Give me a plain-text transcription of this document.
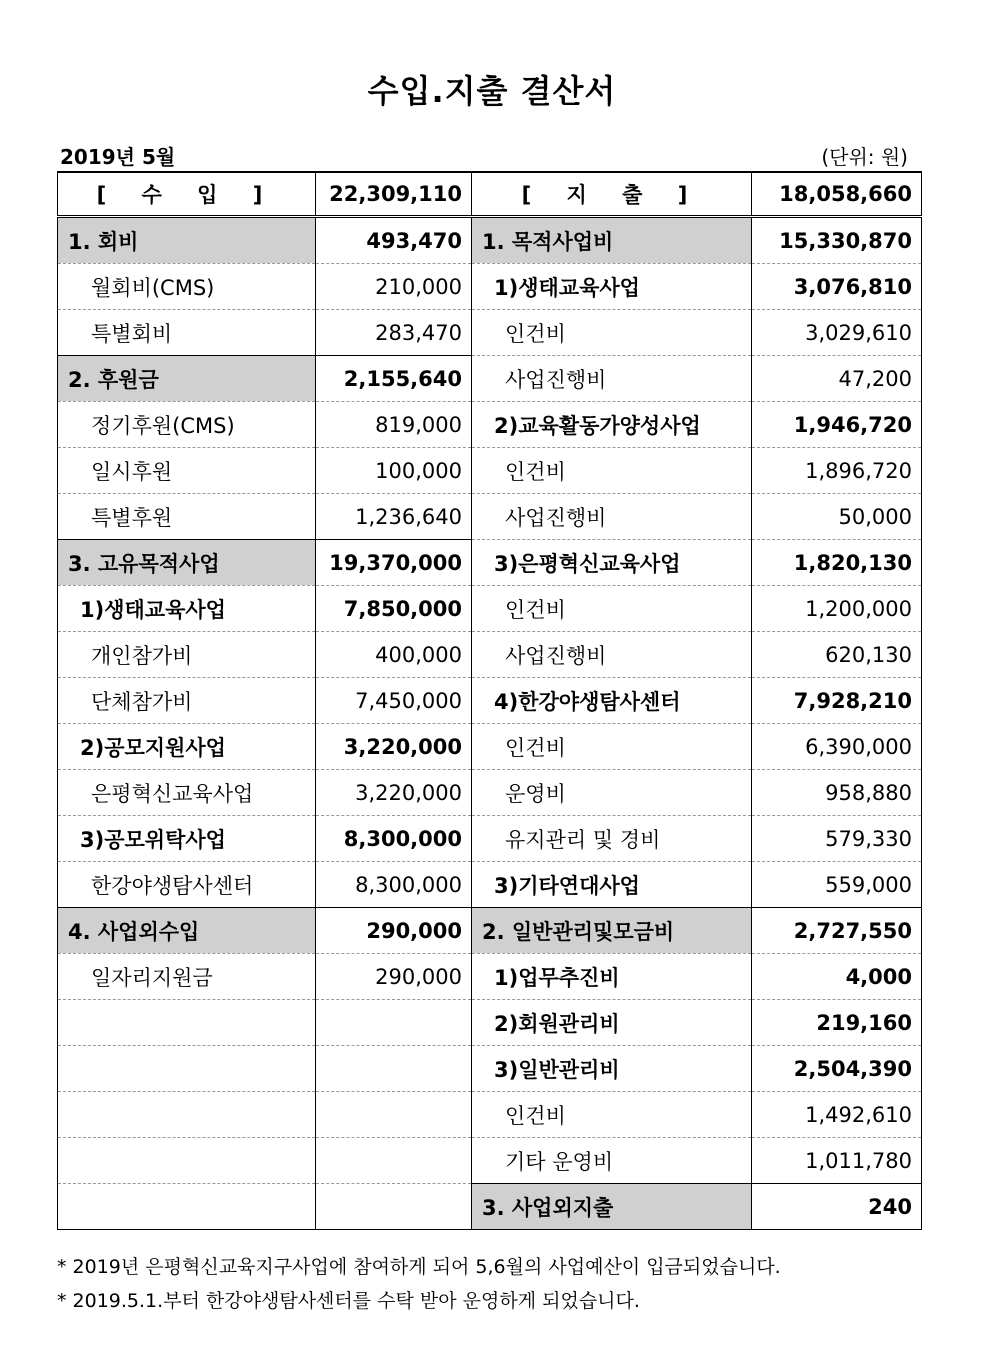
수입.지출 결산서
2019년 5월	(단위: 원)
[ 수 입 ]	22,309,110	[ 지 출 ]	18,058,660
1. 회비	493,470	1. 목적사업비	15,330,870
월회비(CMS)	210,000	1)생태교육사업	3,076,810
특별회비	283,470	인건비	3,029,610
2. 후원금	2,155,640	사업진행비	47,200
정기후원(CMS)	819,000	2)교육활동가양성사업	1,946,720
일시후원	100,000	인건비	1,896,720
특별후원	1,236,640	사업진행비	50,000
3. 고유목적사업	19,370,000	3)은평혁신교육사업	1,820,130
1)생태교육사업	7,850,000	인건비	1,200,000
개인참가비	400,000	사업진행비	620,130
단체참가비	7,450,000	4)한강야생탐사센터	7,928,210
2)공모지원사업	3,220,000	인건비	6,390,000
은평혁신교육사업	3,220,000	운영비	958,880
3)공모위탁사업	8,300,000	유지관리 및 경비	579,330
한강야생탐사센터	8,300,000	3)기타연대사업	559,000
4. 사업외수입	290,000	2. 일반관리및모금비	2,727,550
일자리지원금	290,000	1)업무추진비	4,000
		2)회원관리비	219,160
		3)일반관리비	2,504,390
		인건비	1,492,610
		기타 운영비	1,011,780
		3. 사업외지출	240
* 2019년 은평혁신교육지구사업에 참여하게 되어 5,6월의 사업예산이 입금되었습니다.
* 2019.5.1.부터 한강야생탐사센터를 수탁 받아 운영하게 되었습니다.
